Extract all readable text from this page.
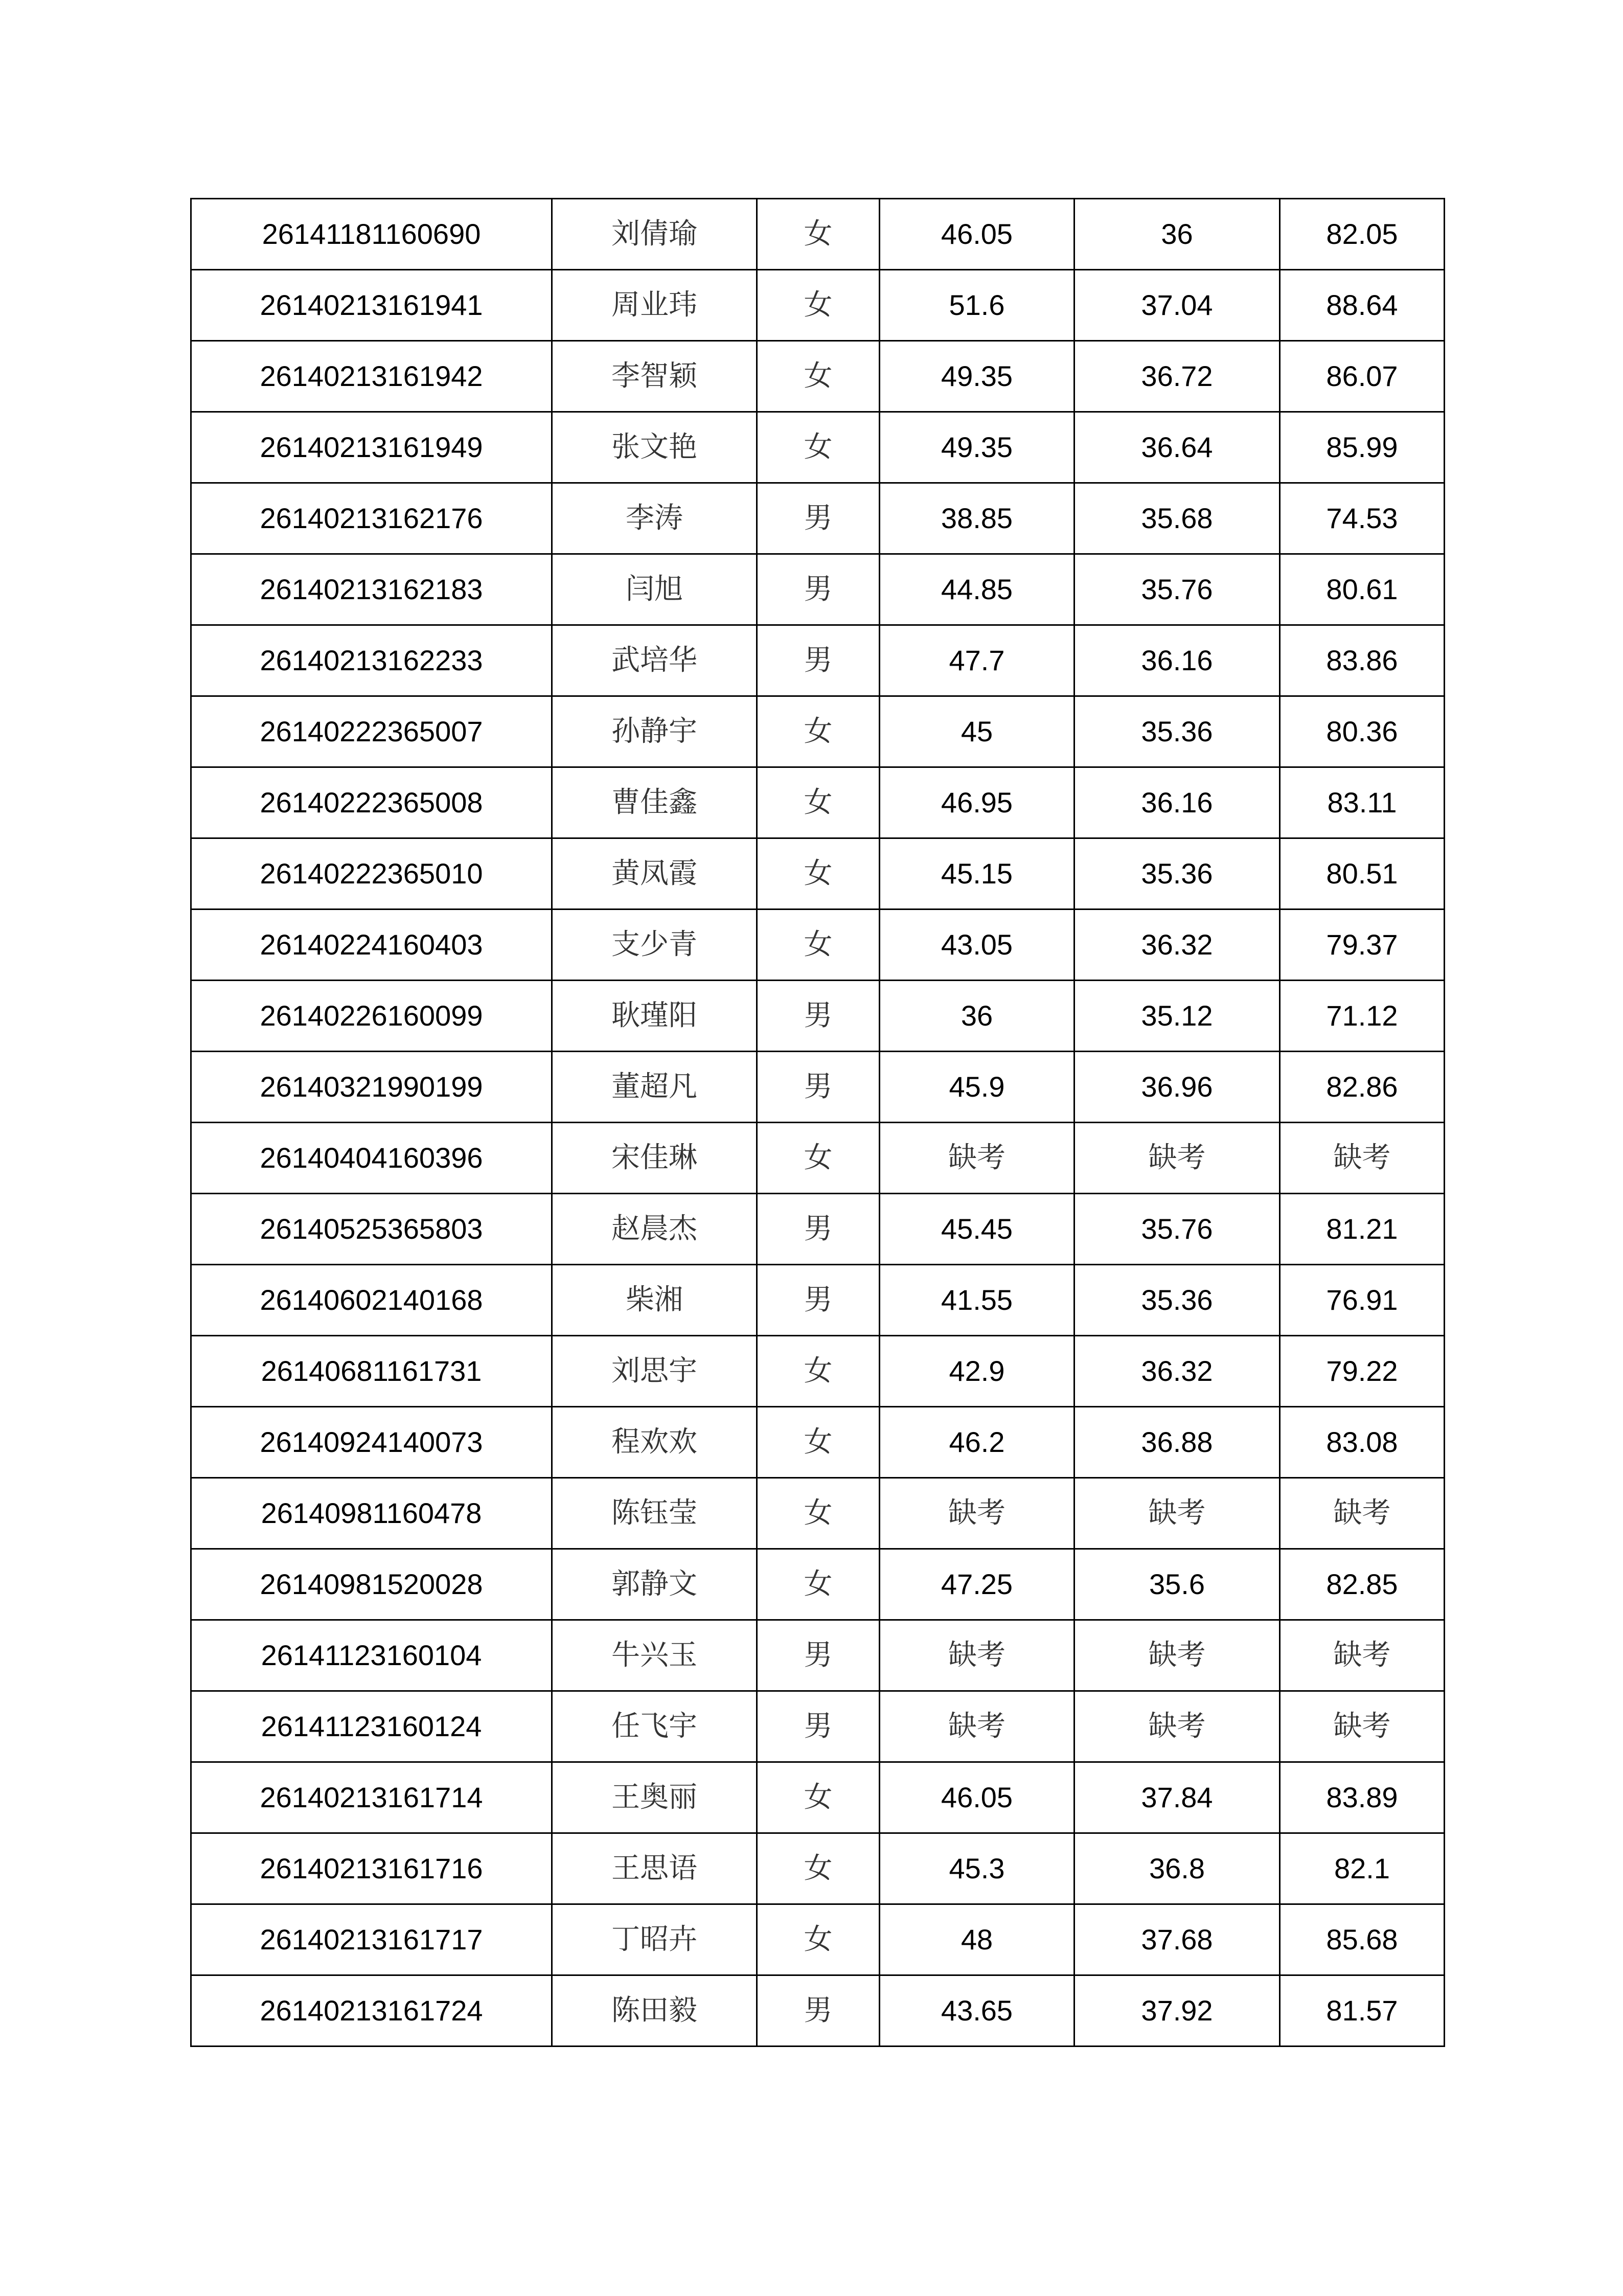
26141181160690	刘倩瑜	女	46.05	36	82.05
26140213161941	周业玮	女	51.6	37.04	88.64
26140213161942	李智颖	女	49.35	36.72	86.07
26140213161949	张文艳	女	49.35	36.64	85.99
26140213162176	李涛	男	38.85	35.68	74.53
26140213162183	闫旭	男	44.85	35.76	80.61
26140213162233	武培华	男	47.7	36.16	83.86
26140222365007	孙静宇	女	45	35.36	80.36
26140222365008	曹佳鑫	女	46.95	36.16	83.11
26140222365010	黄凤霞	女	45.15	35.36	80.51
26140224160403	支少青	女	43.05	36.32	79.37
26140226160099	耿瑾阳	男	36	35.12	71.12
26140321990199	董超凡	男	45.9	36.96	82.86
26140404160396	宋佳琳	女	缺考	缺考	缺考
26140525365803	赵晨杰	男	45.45	35.76	81.21
26140602140168	柴湘	男	41.55	35.36	76.91
26140681161731	刘思宇	女	42.9	36.32	79.22
26140924140073	程欢欢	女	46.2	36.88	83.08
26140981160478	陈钰莹	女	缺考	缺考	缺考
26140981520028	郭静文	女	47.25	35.6	82.85
26141123160104	牛兴玉	男	缺考	缺考	缺考
26141123160124	任飞宇	男	缺考	缺考	缺考
26140213161714	王奥丽	女	46.05	37.84	83.89
26140213161716	王思语	女	45.3	36.8	82.1
26140213161717	丁昭卉	女	48	37.68	85.68
26140213161724	陈田毅	男	43.65	37.92	81.57
